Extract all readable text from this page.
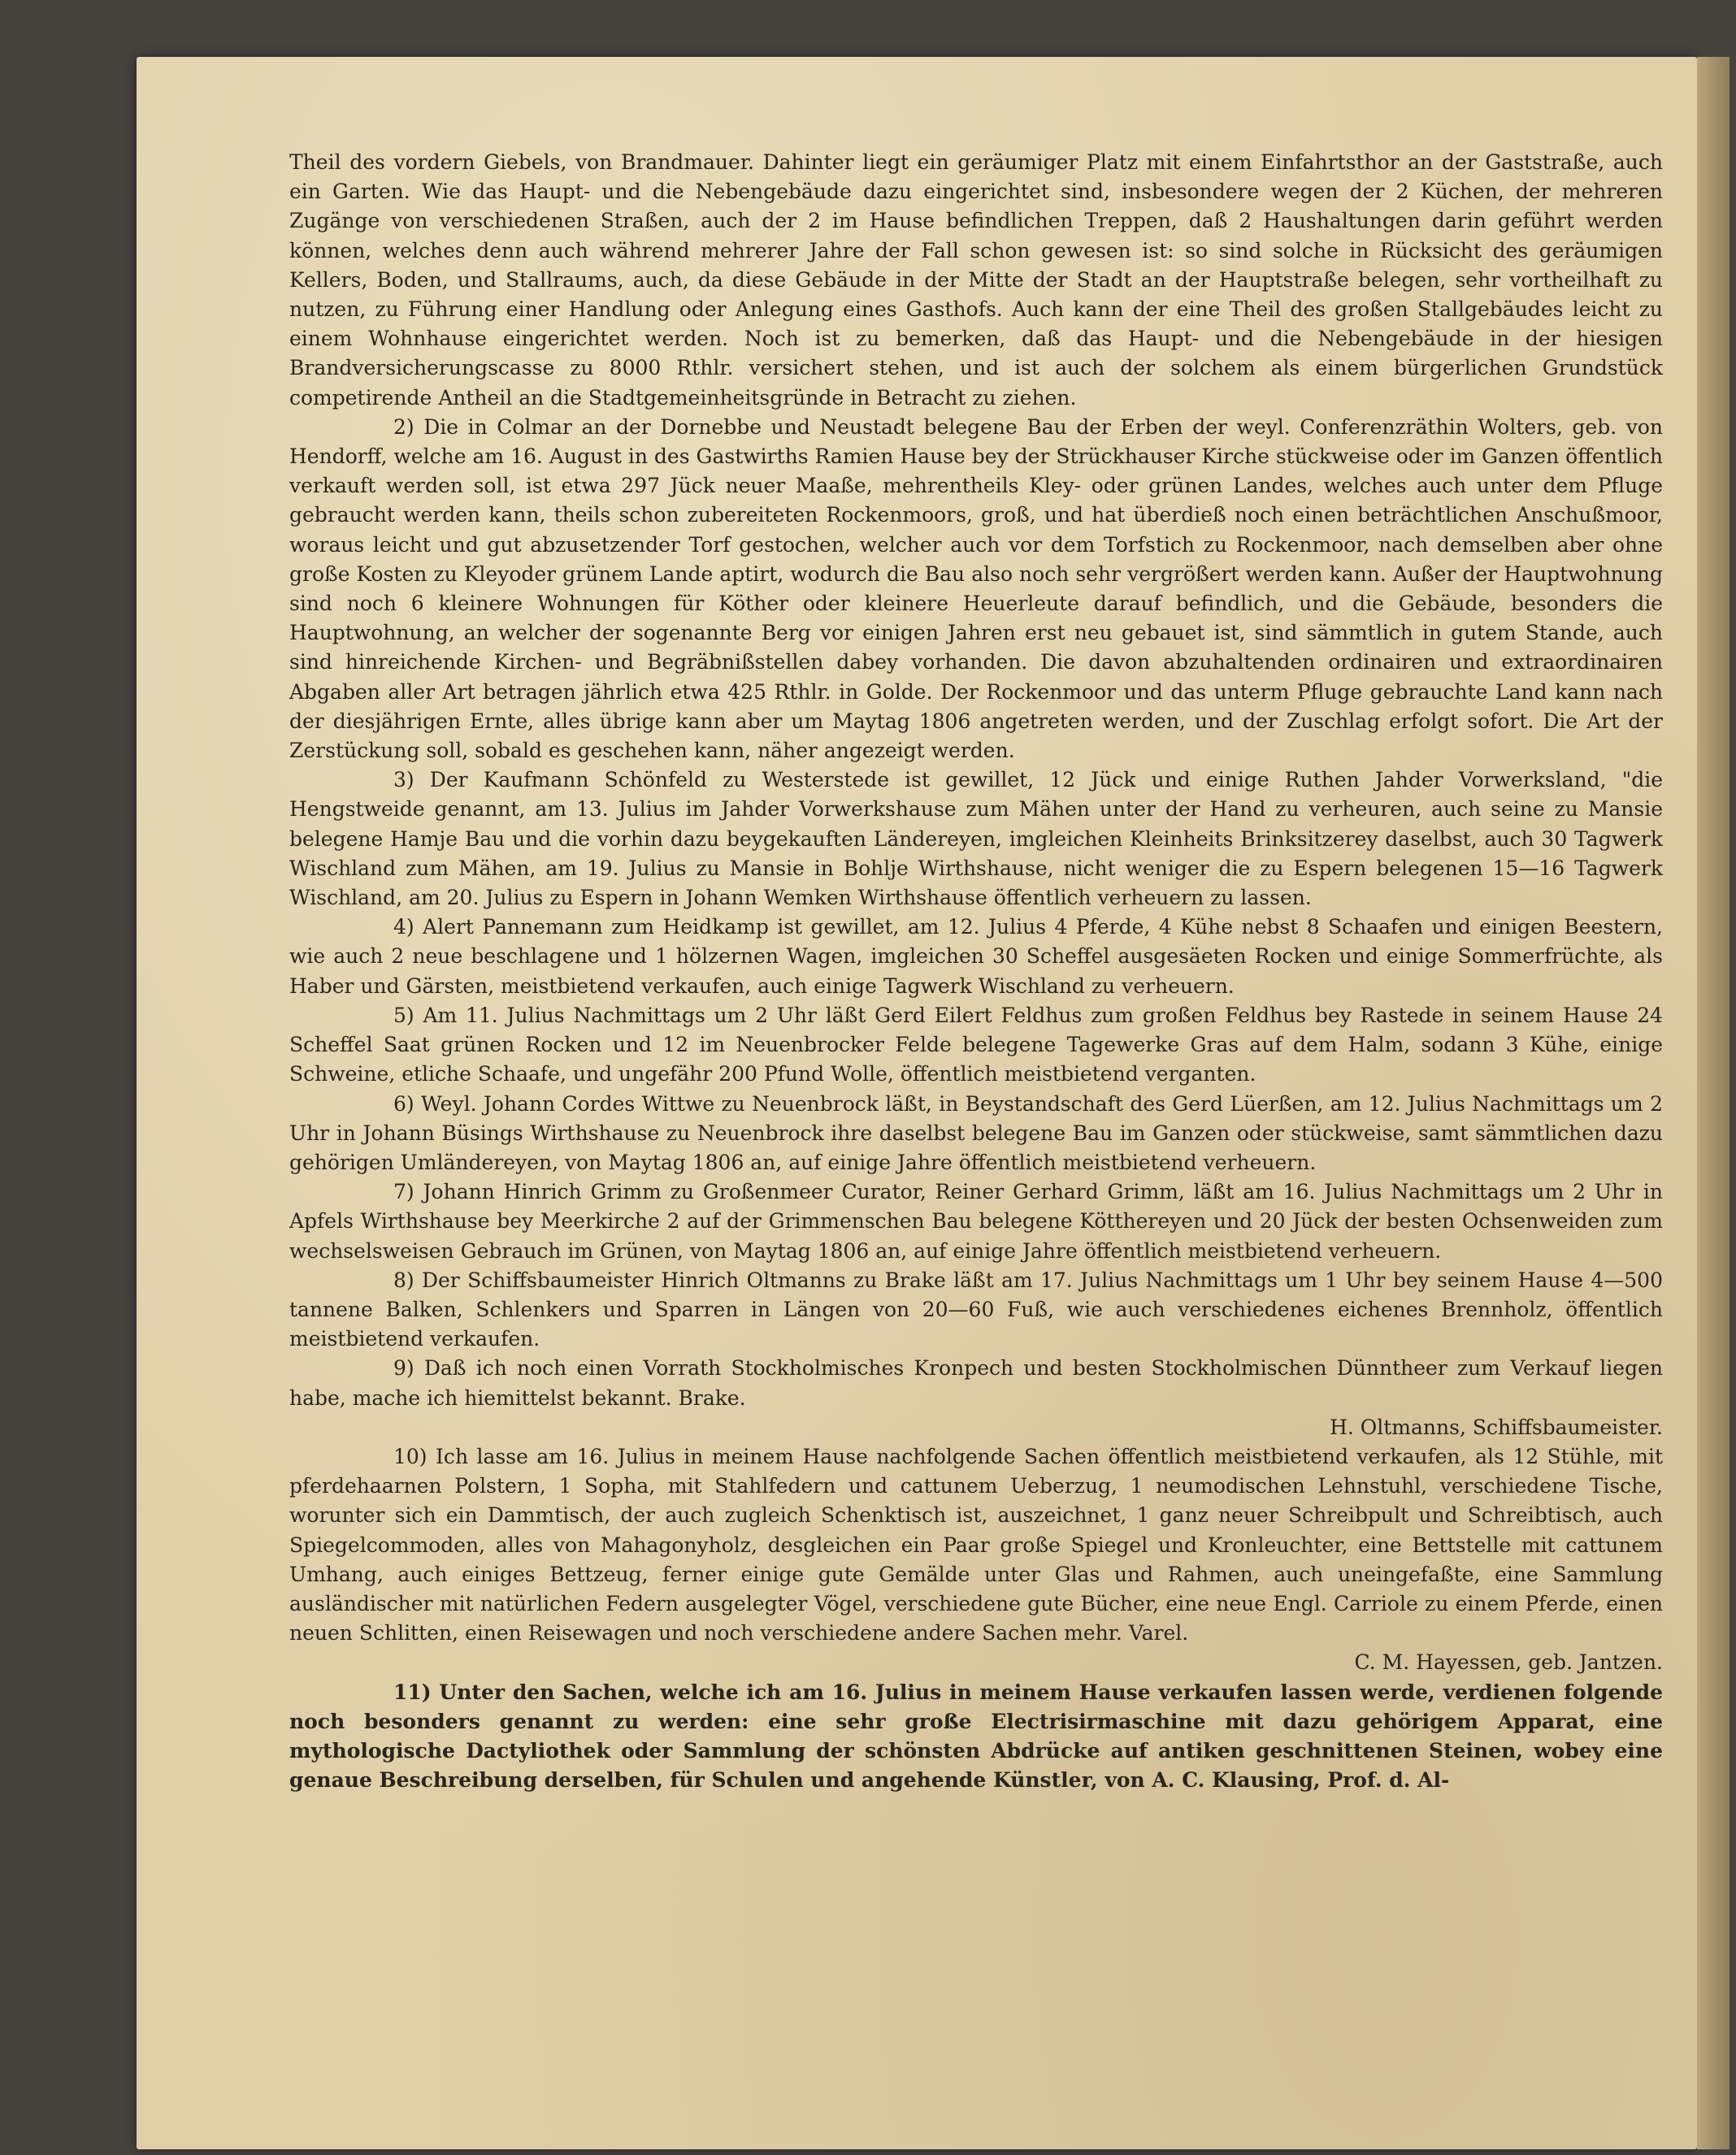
Theil des vordern Giebels, von Brandmauer. Dahinter liegt ein geräumiger Platz mit einem Einfahrtsthor an der Gaststraße, auch ein Garten. Wie das Haupt- und die Nebengebäude dazu eingerichtet sind, insbesondere wegen der 2 Küchen, der mehreren Zugänge von verschiedenen Straßen, auch der 2 im Hause befindlichen Treppen, daß 2 Haushaltungen darin geführt werden können, welches denn auch während mehrerer Jahre der Fall schon gewesen ist: so sind solche in Rücksicht des geräumigen Kellers, Boden, und Stallraums, auch, da diese Gebäude in der Mitte der Stadt an der Hauptstraße belegen, sehr vortheilhaft zu nutzen, zu Führung einer Handlung oder Anlegung eines Gasthofs. Auch kann der eine Theil des großen Stallgebäudes leicht zu einem Wohnhause eingerichtet werden. Noch ist zu bemerken, daß das Haupt- und die Nebengebäude in der hiesigen Brandversicherungscasse zu 8000 Rthlr. versichert stehen, und ist auch der solchem als einem bürgerlichen Grundstück competirende Antheil an die Stadtgemeinheitsgründe in Betracht zu ziehen.

2) Die in Colmar an der Dornebbe und Neustadt belegene Bau der Erben der weyl. Conferenzräthin Wolters, geb. von Hendorff, welche am 16. August in des Gastwirths Ramien Hause bey der Strückhauser Kirche stückweise oder im Ganzen öffentlich verkauft werden soll, ist etwa 297 Jück neuer Maaße, mehrentheils Kley- oder grünen Landes, welches auch unter dem Pfluge gebraucht werden kann, theils schon zubereiteten Rockenmoors, groß, und hat überdieß noch einen beträchtlichen Anschußmoor, woraus leicht und gut abzusetzender Torf gestochen, welcher auch vor dem Torfstich zu Rockenmoor, nach demselben aber ohne große Kosten zu Kleyoder grünem Lande aptirt, wodurch die Bau also noch sehr vergrößert werden kann. Außer der Hauptwohnung sind noch 6 kleinere Wohnungen für Köther oder kleinere Heuerleute darauf befindlich, und die Gebäude, besonders die Hauptwohnung, an welcher der sogenannte Berg vor einigen Jahren erst neu gebauet ist, sind sämmtlich in gutem Stande, auch sind hinreichende Kirchen- und Begräbnißstellen dabey vorhanden. Die davon abzuhaltenden ordinairen und extraordinairen Abgaben aller Art betragen jährlich etwa 425 Rthlr. in Golde. Der Rockenmoor und das unterm Pfluge gebrauchte Land kann nach der diesjährigen Ernte, alles übrige kann aber um Maytag 1806 angetreten werden, und der Zuschlag erfolgt sofort. Die Art der Zerstückung soll, sobald es geschehen kann, näher angezeigt werden.

3) Der Kaufmann Schönfeld zu Westerstede ist gewillet, 12 Jück und einige Ruthen Jahder Vorwerksland, "die Hengstweide genannt, am 13. Julius im Jahder Vorwerkshause zum Mähen unter der Hand zu verheuren, auch seine zu Mansie belegene Hamje Bau und die vorhin dazu beygekauften Ländereyen, imgleichen Kleinheits Brinksitzerey daselbst, auch 30 Tagwerk Wischland zum Mähen, am 19. Julius zu Mansie in Bohlje Wirthshause, nicht weniger die zu Espern belegenen 15—16 Tagwerk Wischland, am 20. Julius zu Espern in Johann Wemken Wirthshause öffentlich verheuern zu lassen.

4) Alert Pannemann zum Heidkamp ist gewillet, am 12. Julius 4 Pferde, 4 Kühe nebst 8 Schaafen und einigen Beestern, wie auch 2 neue beschlagene und 1 hölzernen Wagen, imgleichen 30 Scheffel ausgesäeten Rocken und einige Sommerfrüchte, als Haber und Gärsten, meistbietend verkaufen, auch einige Tagwerk Wischland zu verheuern.

5) Am 11. Julius Nachmittags um 2 Uhr läßt Gerd Eilert Feldhus zum großen Feldhus bey Rastede in seinem Hause 24 Scheffel Saat grünen Rocken und 12 im Neuenbrocker Felde belegene Tagewerke Gras auf dem Halm, sodann 3 Kühe, einige Schweine, etliche Schaafe, und ungefähr 200 Pfund Wolle, öffentlich meistbietend verganten.

6) Weyl. Johann Cordes Wittwe zu Neuenbrock läßt, in Beystandschaft des Gerd Lüerßen, am 12. Julius Nachmittags um 2 Uhr in Johann Büsings Wirthshause zu Neuenbrock ihre daselbst belegene Bau im Ganzen oder stückweise, samt sämmtlichen dazu gehörigen Umländereyen, von Maytag 1806 an, auf einige Jahre öffentlich meistbietend verheuern.

7) Johann Hinrich Grimm zu Großenmeer Curator, Reiner Gerhard Grimm, läßt am 16. Julius Nachmittags um 2 Uhr in Apfels Wirthshause bey Meerkirche 2 auf der Grimmenschen Bau belegene Kötthereyen und 20 Jück der besten Ochsenweiden zum wechselsweisen Gebrauch im Grünen, von Maytag 1806 an, auf einige Jahre öffentlich meistbietend verheuern.

8) Der Schiffsbaumeister Hinrich Oltmanns zu Brake läßt am 17. Julius Nachmittags um 1 Uhr bey seinem Hause 4—500 tannene Balken, Schlenkers und Sparren in Längen von 20—60 Fuß, wie auch verschiedenes eichenes Brennholz, öffentlich meistbietend verkaufen.

9) Daß ich noch einen Vorrath Stockholmisches Kronpech und besten Stockholmischen Dünntheer zum Verkauf liegen habe, mache ich hiemittelst bekannt. Brake.
H. Oltmanns, Schiffsbaumeister.

10) Ich lasse am 16. Julius in meinem Hause nachfolgende Sachen öffentlich meistbietend verkaufen, als 12 Stühle, mit pferdehaarnen Polstern, 1 Sopha, mit Stahlfedern und cattunem Ueberzug, 1 neumodischen Lehnstuhl, verschiedene Tische, worunter sich ein Dammtisch, der auch zugleich Schenktisch ist, auszeichnet, 1 ganz neuer Schreibpult und Schreibtisch, auch Spiegelcommoden, alles von Mahagonyholz, desgleichen ein Paar große Spiegel und Kronleuchter, eine Bettstelle mit cattunem Umhang, auch einiges Bettzeug, ferner einige gute Gemälde unter Glas und Rahmen, auch uneingefaßte, eine Sammlung ausländischer mit natürlichen Federn ausgelegter Vögel, verschiedene gute Bücher, eine neue Engl. Carriole zu einem Pferde, einen neuen Schlitten, einen Reisewagen und noch verschiedene andere Sachen mehr. Varel.
C. M. Hayessen, geb. Jantzen.

11) Unter den Sachen, welche ich am 16. Julius in meinem Hause verkaufen lassen werde, verdienen folgende noch besonders genannt zu werden: eine sehr große Electrisirmaschine mit dazu gehörigem Apparat, eine mythologische Dactyliothek oder Sammlung der schönsten Abdrücke auf antiken geschnittenen Steinen, wobey eine genaue Beschreibung derselben, für Schulen und angehende Künstler, von A. C. Klausing, Prof. d. Al-
